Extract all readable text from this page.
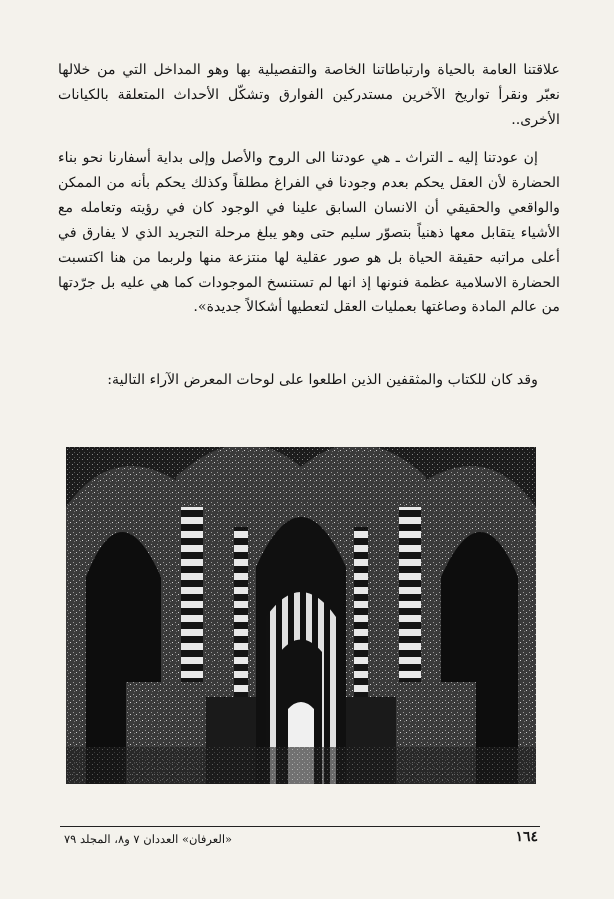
علاقتنا العامة بالحياة وارتباطاتنا الخاصة والتفصيلية بها وهو المداخل التي من خلالها نعبّر ونقرأ تواريخ الآخرين مستدركين الفوارق وتشكّل الأحداث المتعلقة بالكيانات الأخرى..
إن عودتنا إليه ـ التراث ـ هي عودتنا الى الروح والأصل وإلى بداية أسفارنا نحو بناء الحضارة لأن العقل يحكم بعدم وجودنا في الفراغ مطلقاً وكذلك يحكم بأنه من الممكن والواقعي والحقيقي أن الانسان السابق علينا في الوجود كان في رؤيته وتعامله مع الأشياء يتقابل معها ذهنياً بتصوّر سليم حتى وهو يبلغ مرحلة التجريد الذي لا يفارق في أعلى مراتبه حقيقة الحياة بل هو صور عقلية لها منتزعة منها ولربما من هنا اكتسبت الحضارة الاسلامية عظمة فنونها إذ انها لم تستنسخ الموجودات كما هي عليه بل جرّدتها من عالم المادة وصاغتها بعمليات العقل لتعطيها أشكالاً جديدة».
وقد كان للكتاب والمثقفين الذين اطلعوا على لوحات المعرض الآراء التالية:
«العرفان» العددان ٧ و٨، المجلد ٧٩	١٦٤
